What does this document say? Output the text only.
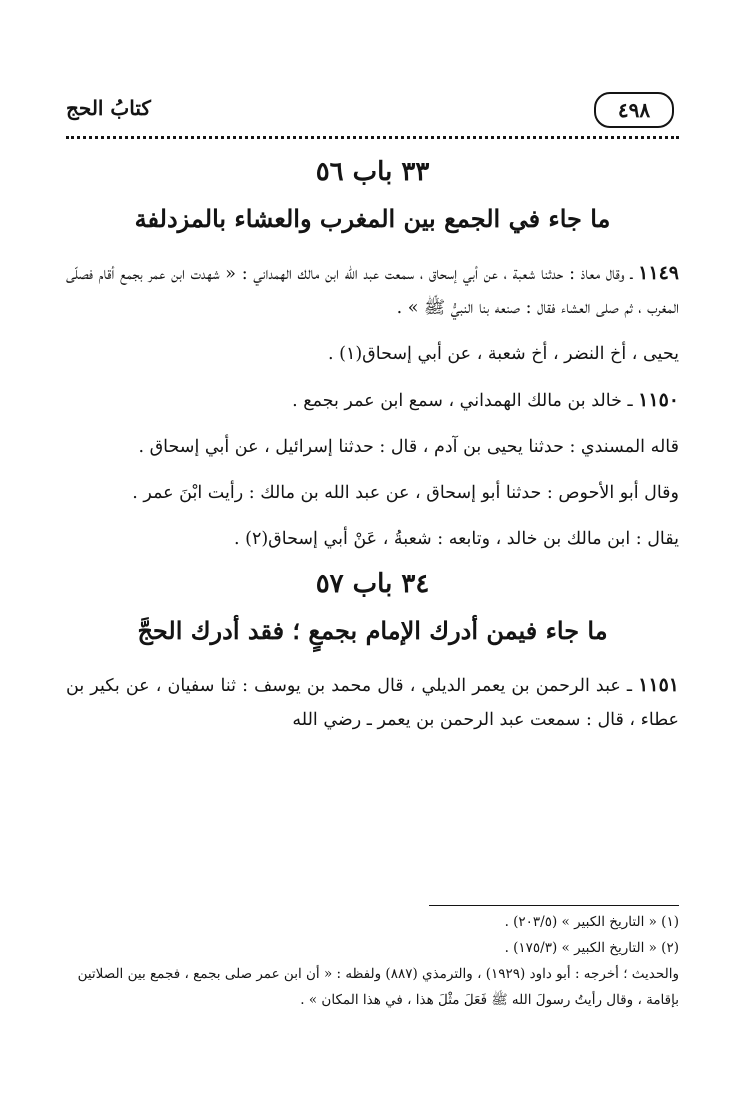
٤٩٨
كتابُ الحج
٣٣ باب ٥٦
ما جاء في الجمع بين المغرب والعشاء بالمزدلفة

١١٤٩ ـ وقال معاذ : حدثنا شعبة ، عن أبي إسحاق ، سمعت عبد الله ابن مالك الهمداني : « شهدت ابن عمر بجمع أقام فصلّى المغرب ، ثم صلى العشاء فقال : صنعه بنا النبيُّ ﷺ » .

يحيى ، أخ النضر ، أخ شعبة ، عن أبي إسحاق(١) .

١١٥٠ ـ خالد بن مالك الهمداني ، سمع ابن عمر بجمع .

قاله المسندي : حدثنا يحيى بن آدم ، قال : حدثنا إسرائيل ، عن أبي إسحاق .

وقال أبو الأحوص : حدثنا أبو إسحاق ، عن عبد الله بن مالك : رأيت ابْنَ عمر .

يقال : ابن مالك بن خالد ، وتابعه : شعبةُ ، عَنْ أبي إسحاق(٢) .

٣٤ باب ٥٧
ما جاء فيمن أدرك الإمام بجمعٍ ؛ فقد أدرك الحجَّ

١١٥١ ـ عبد الرحمن بن يعمر الديلي ، قال محمد بن يوسف : ثنا سفيان ، عن بكير بن عطاء ، قال : سمعت عبد الرحمن بن يعمر ـ رضي الله

(١) « التاريخ الكبير » (٢٠٣/٥) .

(٢) « التاريخ الكبير » (١٧٥/٣) .

والحديث ؛ أخرجه : أبو داود (١٩٢٩) ، والترمذي (٨٨٧) ولفظه : « أن ابن عمر صلى بجمع ، فجمع بين الصلاتين بإقامة ، وقال رأيتُ رسولَ الله ﷺ فَعَلَ مثْلَ هذا ، في هذا المكان » .
